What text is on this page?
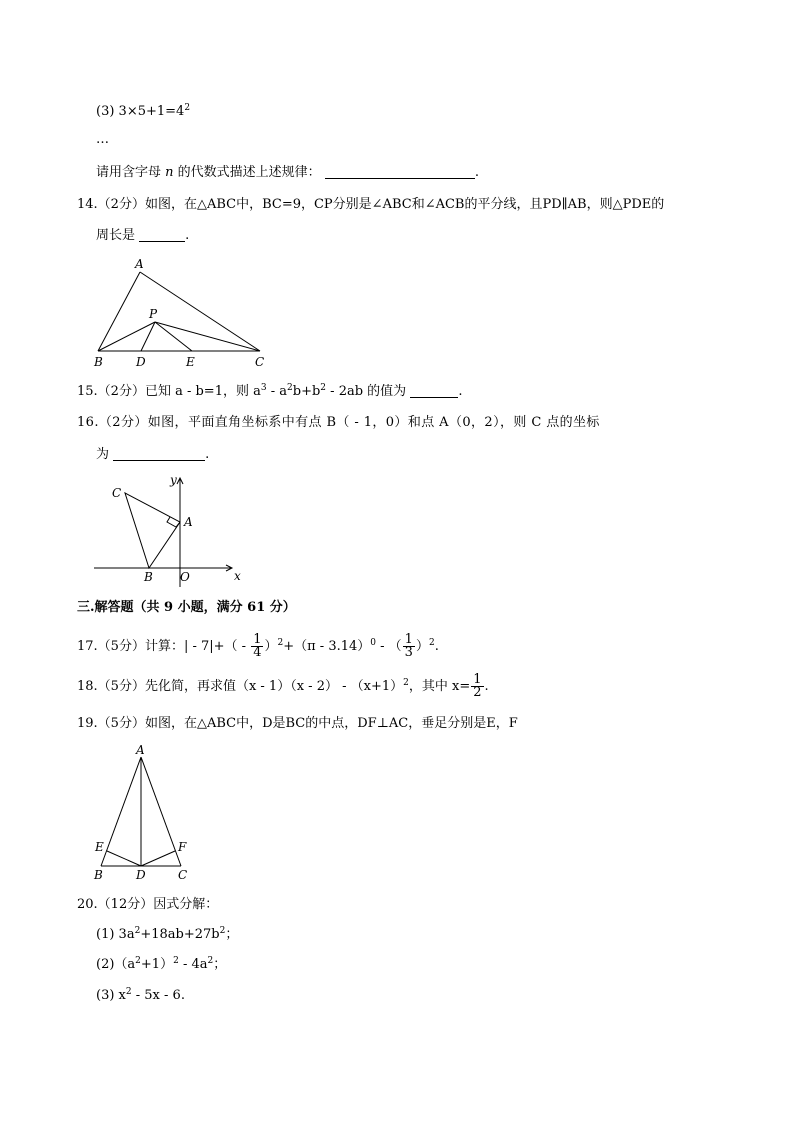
(3) $3\times 5+1=4^2$
…
请用含字母 n 的代数式描述上述规律：	.
14.（2分）如图，在△ABC中，BC=9，CP分别是∠ABC和∠ACB的平分线，且PD∥AB，则△PDE的
周长是	.
A
P
B	D	E	C
y
C
A
B O	x
A
E	F
B	D	C
15.（2分）已知 a - b=1，则 $a^3 - a^2b+b^2 - 2ab$ 的值为	.
16.（2分）如图，平面直角坐标系中有点 B（ - 1，0）和点 A（0，2），则 C 点的坐标
为	.
三.解答题（共 9 小题，满分 61 分）
17.（5分）计算：| - $7|+( - \frac{1}{4} )^2+(\pi - 3.14)^0$ - （ $\frac{1}{3} )^2$.
18.（5分）先化简，再求值$(x - 1)(x - 2) - (x+1)^2$，其中 $x= \frac{1}{2}$ .
19.（5分）如图，在△ABC中，D是BC的中点，DF⊥AC，垂足分别是E，F
20.（12分）因式分解：
(1) $3a^2+18ab+27b^2$；
$(2)(a^2+1)^2 - 4a^2$；
(3) $x^2 - 5x - 6$.
